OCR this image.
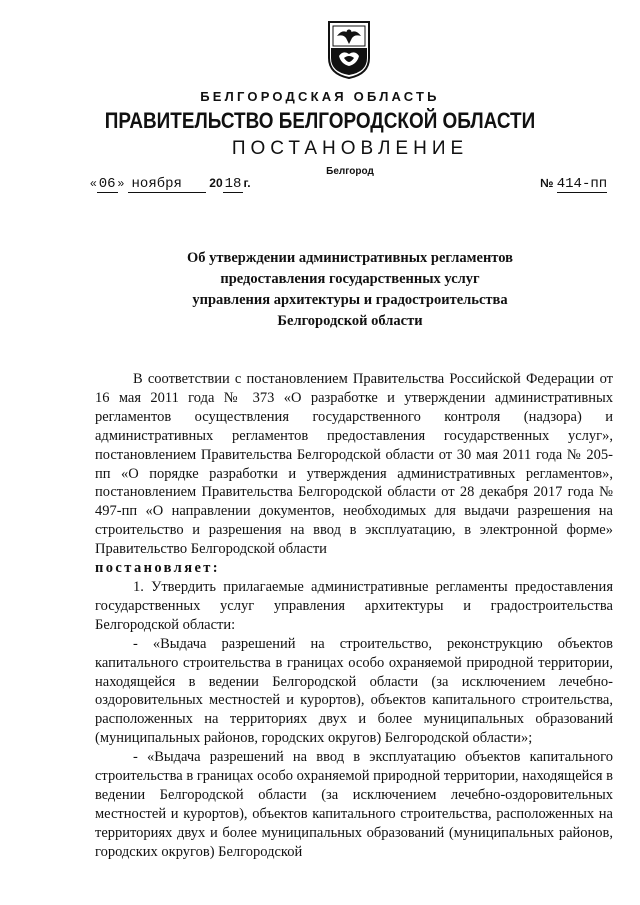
БЕЛГОРОДСКАЯ ОБЛАСТЬ
ПРАВИТЕЛЬСТВО БЕЛГОРОДСКОЙ ОБЛАСТИ
ПОСТАНОВЛЕНИЕ
Белгород
« 06 » ноября 20 18 г.	№ 414-пп
Об утверждении административных регламентов
предоставления государственных услуг
управления архитектуры и градостроительства
Белгородской области

В соответствии с постановлением Правительства Российской Федерации от 16 мая 2011 года № 373 «О разработке и утверждении административных регламентов осуществления государственного контроля (надзора) и административных регламентов предоставления государственных услуг», постановлением Правительства Белгородской области от 30 мая 2011 года № 205-пп «О порядке разработки и утверждения административных регламентов», постановлением Правительства Белгородской области от 28 декабря 2017 года № 497-пп «О направлении документов, необходимых для выдачи разрешения на строительство и разрешения на ввод в эксплуатацию, в электронной форме» Правительство Белгородской области

постановляет:

1. Утвердить прилагаемые административные регламенты предоставления государственных услуг управления архитектуры и градостроительства Белгородской области:

- «Выдача разрешений на строительство, реконструкцию объектов капитального строительства в границах особо охраняемой природной территории, находящейся в ведении Белгородской области (за исключением лечебно-оздоровительных местностей и курортов), объектов капитального строительства, расположенных на территориях двух и более муниципальных образований (муниципальных районов, городских округов) Белгородской области»;

- «Выдача разрешений на ввод в эксплуатацию объектов капитального строительства в границах особо охраняемой природной территории, находящейся в ведении Белгородской области (за исключением лечебно-оздоровительных местностей и курортов), объектов капитального строительства, расположенных на территориях двух и более муниципальных образований (муниципальных районов, городских округов) Белгородской
